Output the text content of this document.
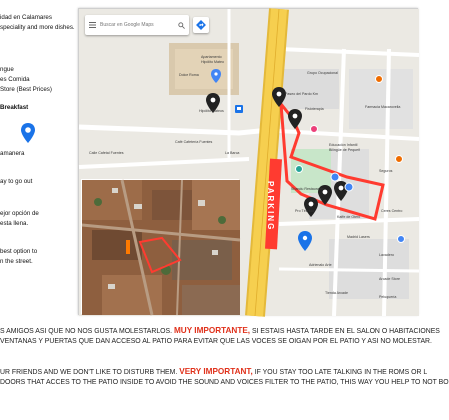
idad en Calamares
speciality and more dishes.
ngue
es Comida
Store (Best Prices)
Breakfast
amanera
ay to go out
ejor opción de
esta llena.
best option to
n the street.
Buscar en Google Maps
Apartamento
Hipólito Mateo
Dolce Roma
Hipólito Mateos
Café Cafetería Fuentes
Calle Cafetal Fuentes	La Barca
Paseo del Pardo Km
Grupo Ocupacional
Fisioterapia	Farmacia Macarovella
Educación Infantil
Bilingüe de Pequeñ
Shandu Restaurante
Pro Técnico
Kaffe de Otero
Seguros
Ceres Centro
Madrid Lasers
Lavadero
Adrienalo Arte
Arcade Store
Tienda Arcade
Peluquería
PARKING
S AMIGOS ASI QUE NO NOS GUSTA MOLESTARLOS. MUY IMPORTANTE, SI ESTAIS HASTA TARDE EN EL SALON O HABITACIONES
VENTANAS Y PUERTAS QUE DAN ACCESO AL PATIO PARA EVITAR QUE LAS VOCES SE OIGAN POR EL PATIO Y ASI NO MOLESTAR.
UR FRIENDS AND WE DON'T LIKE TO DISTURB THEM. VERY IMPORTANT, IF YOU STAY TOO LATE TALKING IN THE ROMS OR L
DOORS THAT ACCES TO THE PATIO INSIDE TO AVOID THE SOUND AND VOICES FILTER TO THE PATIO, THIS WAY YOU HELP TO NOT BO
